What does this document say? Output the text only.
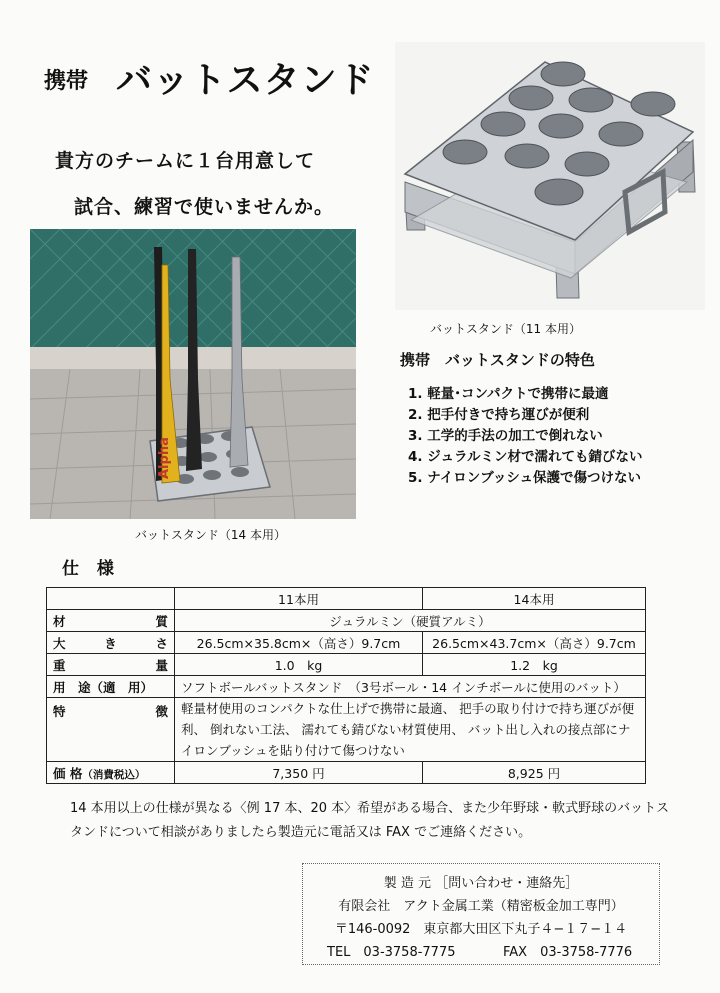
携帯 バットスタンド
貴方のチームに１台用意して
試合、練習で使いませんか。
バットスタンド（11 本用）
Alpha
バットスタンド（14 本用）
携帯　バットスタンドの特色
1. 軽量･コンパクトで携帯に最適
2. 把手付きで持ち運びが便利
3. 工学的手法の加工で倒れない
4. ジュラルミン材で濡れても錆びない
5. ナイロンブッシュ保護で傷つけない
仕 様
	11本用	14本用

材 質	ジュラルミン（硬質アルミ）	

大 き さ	26.5cm×35.8cm×（高さ）9.7cm	26.5cm×43.7cm×（高さ）9.7cm

重 量	1.0　kg	1.2　kg
用　途（適　用）	ソフトボールバットスタンド　（3号ボール・14 インチボールに使用のバット）	

特 徴	軽量材使用のコンパクトな仕上げで携帯に最適、 把手の取り付けで持ち運びが便利、 倒れない工法、 濡れても錆びない材質使用、 バット出し入れの接点部にナイロンブッシュを貼り付けて傷つけない	
価 格（消費税込）	7,350 円	8,925 円
14 本用以上の仕様が異なる〈例 17 本、20 本〉希望がある場合、また少年野球・軟式野球のバットスタンドについて相談がありましたら製造元に電話又は FAX でご連絡ください。
製 造 元 ［問い合わせ・連絡先］
有限会社　アクト金属工業（精密板金加工専門）
〒146-0092　東京都大田区下丸子４−１７−１４
TEL　03-3758-7775	FAX　03-3758-7776
